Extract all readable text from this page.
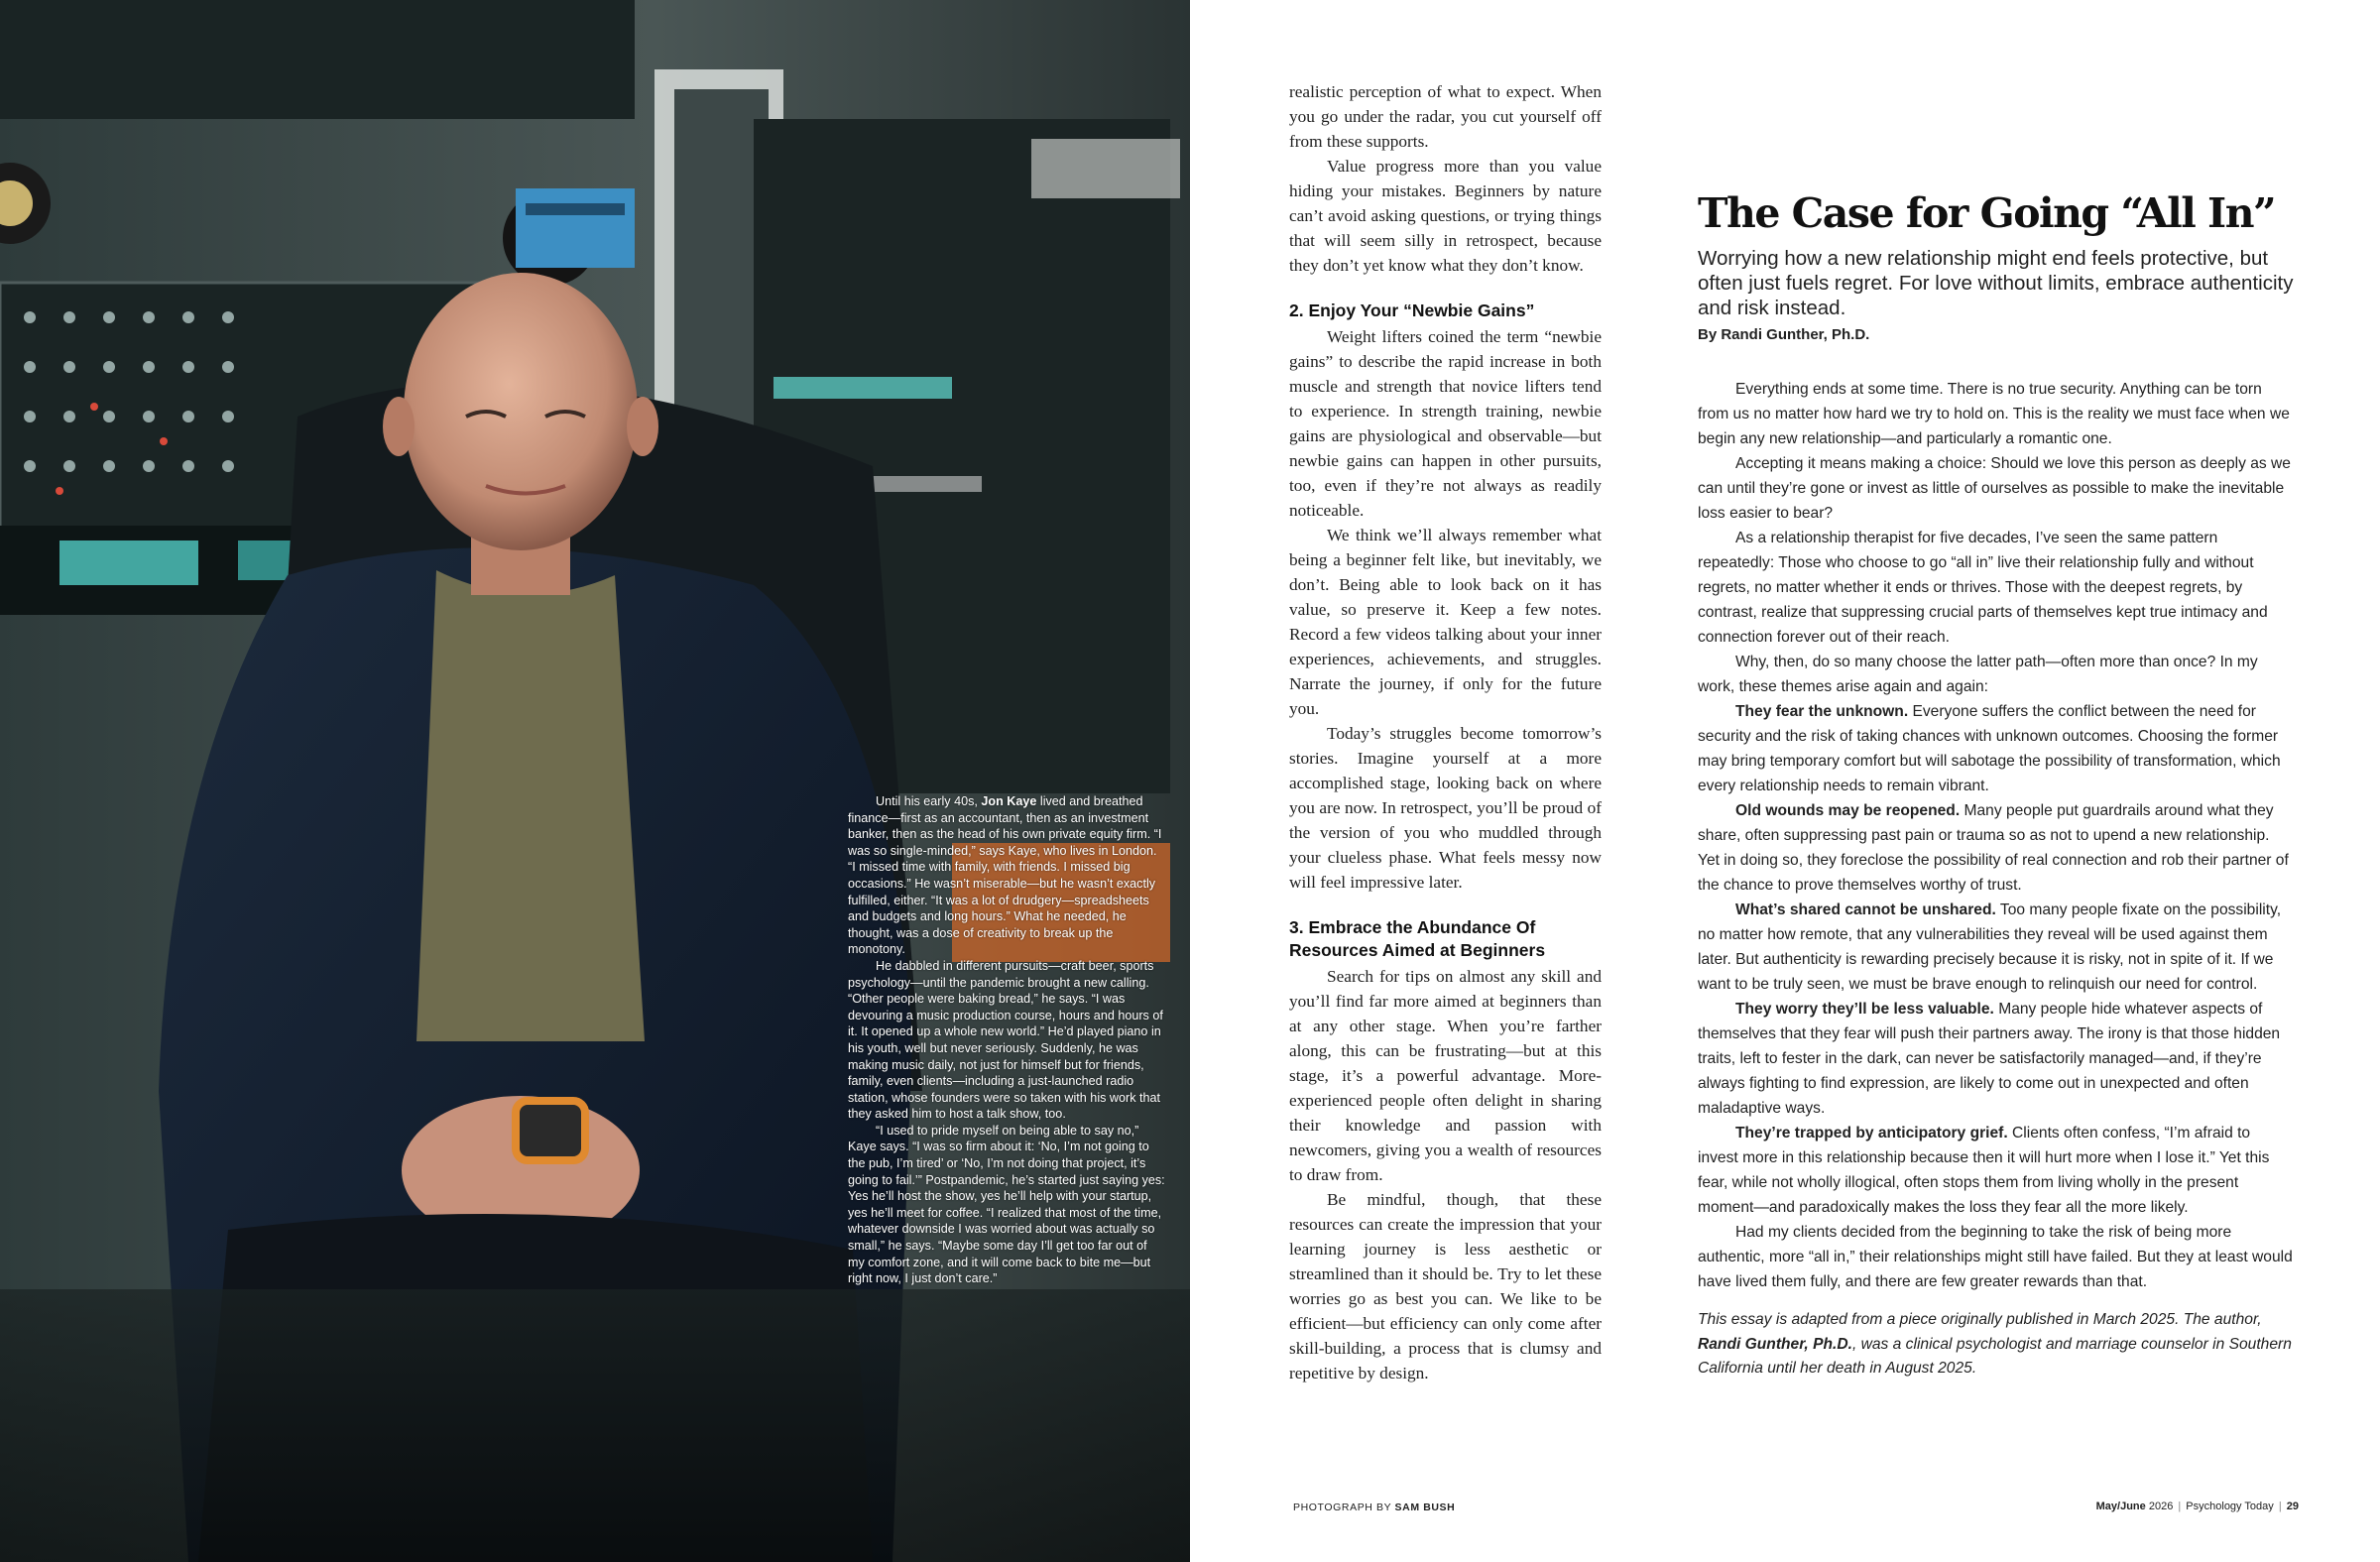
Until his early 40s, Jon Kaye lived and breathed finance—first as an accountant, then as an investment banker, then as the head of his own private equity firm. “I was so single-minded,” says Kaye, who lives in London. “I missed time with family, with friends. I missed big occasions.” He wasn’t miserable—but he wasn’t exactly fulfilled, either. “It was a lot of drudgery—spreadsheets and budgets and long hours.” What he needed, he thought, was a dose of creativity to break up the monotony.

He dabbled in different pursuits—craft beer, sports psychology—until the pandemic brought a new calling. “Other people were baking bread,” he says. “I was devouring a music production course, hours and hours of it. It opened up a whole new world.” He’d played piano in his youth, well but never seriously. Suddenly, he was making music daily, not just for himself but for friends, family, even clients—including a just-launched radio station, whose founders were so taken with his work that they asked him to host a talk show, too.

“I used to pride myself on being able to say no,” Kaye says. “I was so firm about it: ‘No, I’m not going to the pub, I’m tired’ or ‘No, I’m not doing that project, it’s going to fail.’” Postpandemic, he’s started just saying yes: Yes he’ll host the show, yes he’ll help with your startup, yes he’ll meet for coffee. “I realized that most of the time, whatever downside I was worried about was actually so small,” he says. “Maybe some day I’ll get too far out of my comfort zone, and it will come back to bite me—but right now, I just don’t care.”

realistic perception of what to expect. When you go under the radar, you cut yourself off from these supports.

Value progress more than you value hiding your mistakes. Beginners by nature can’t avoid asking questions, or trying things that will seem silly in retrospect, because they don’t yet know what they don’t know.

2. Enjoy Your “Newbie Gains”

Weight lifters coined the term “newbie gains” to describe the rapid increase in both muscle and strength that novice lifters tend to experience. In strength training, newbie gains are physiological and observable—but newbie gains can happen in other pursuits, too, even if they’re not always as readily noticeable.

We think we’ll always remember what being a beginner felt like, but inevitably, we don’t. Being able to look back on it has value, so preserve it. Keep a few notes. Record a few videos talking about your inner experiences, achievements, and struggles. Narrate the journey, if only for the future you.

Today’s struggles become tomorrow’s stories. Imagine yourself at a more accomplished stage, looking back on where you are now. In retrospect, you’ll be proud of the version of you who muddled through your clueless phase. What feels messy now will feel impressive later.

3. Embrace the Abundance Of Resources Aimed at Beginners

Search for tips on almost any skill and you’ll find far more aimed at beginners than at any other stage. When you’re farther along, this can be frustrating—but at this stage, it’s a powerful advantage. More-experienced people often delight in sharing their knowledge and passion with newcomers, giving you a wealth of resources to draw from.

Be mindful, though, that these resources can create the impression that your learning journey is less aesthetic or streamlined than it should be. Try to let these worries go as best you can. We like to be efficient—but efficiency can only come after skill-building, a process that is clumsy and repetitive by design.

The Case for Going “All In”

Worrying how a new relationship might end feels protective, but often just fuels regret. For love without limits, embrace authenticity and risk instead.

By Randi Gunther, Ph.D.

Everything ends at some time. There is no true security. Anything can be torn from us no matter how hard we try to hold on. This is the reality we must face when we begin any new relationship—and particularly a romantic one.

Accepting it means making a choice: Should we love this person as deeply as we can until they’re gone or invest as little of ourselves as possible to make the inevitable loss easier to bear?

As a relationship therapist for five decades, I’ve seen the same pattern repeatedly: Those who choose to go “all in” live their relationship fully and without regrets, no matter whether it ends or thrives. Those with the deepest regrets, by contrast, realize that suppressing crucial parts of themselves kept true intimacy and connection forever out of their reach.

Why, then, do so many choose the latter path—often more than once? In my work, these themes arise again and again:

They fear the unknown. Everyone suffers the conflict between the need for security and the risk of taking chances with unknown outcomes. Choosing the former may bring temporary comfort but will sabotage the possibility of transformation, which every relationship needs to remain vibrant.

Old wounds may be reopened. Many people put guardrails around what they share, often suppressing past pain or trauma so as not to upend a new relationship. Yet in doing so, they foreclose the possibility of real connection and rob their partner of the chance to prove themselves worthy of trust.

What’s shared cannot be unshared. Too many people fixate on the possibility, no matter how remote, that any vulnerabilities they reveal will be used against them later. But authenticity is rewarding precisely because it is risky, not in spite of it. If we want to be truly seen, we must be brave enough to relinquish our need for control.

They worry they’ll be less valuable. Many people hide whatever aspects of themselves that they fear will push their partners away. The irony is that those hidden traits, left to fester in the dark, can never be satisfactorily managed—and, if they’re always fighting to find expression, are likely to come out in unexpected and often maladaptive ways.

They’re trapped by anticipatory grief. Clients often confess, “I’m afraid to invest more in this relationship because then it will hurt more when I lose it.” Yet this fear, while not wholly illogical, often stops them from living wholly in the present moment—and paradoxically makes the loss they fear all the more likely.

Had my clients decided from the beginning to take the risk of being more authentic, more “all in,” their relationships might still have failed. But they at least would have lived them fully, and there are few greater rewards than that.

This essay is adapted from a piece originally published in March 2025. The author, Randi Gunther, Ph.D., was a clinical psychologist and marriage counselor in Southern California until her death in August 2025.

PHOTOGRAPH BY SAM BUSH	May/June 2026 | Psychology Today | 29
